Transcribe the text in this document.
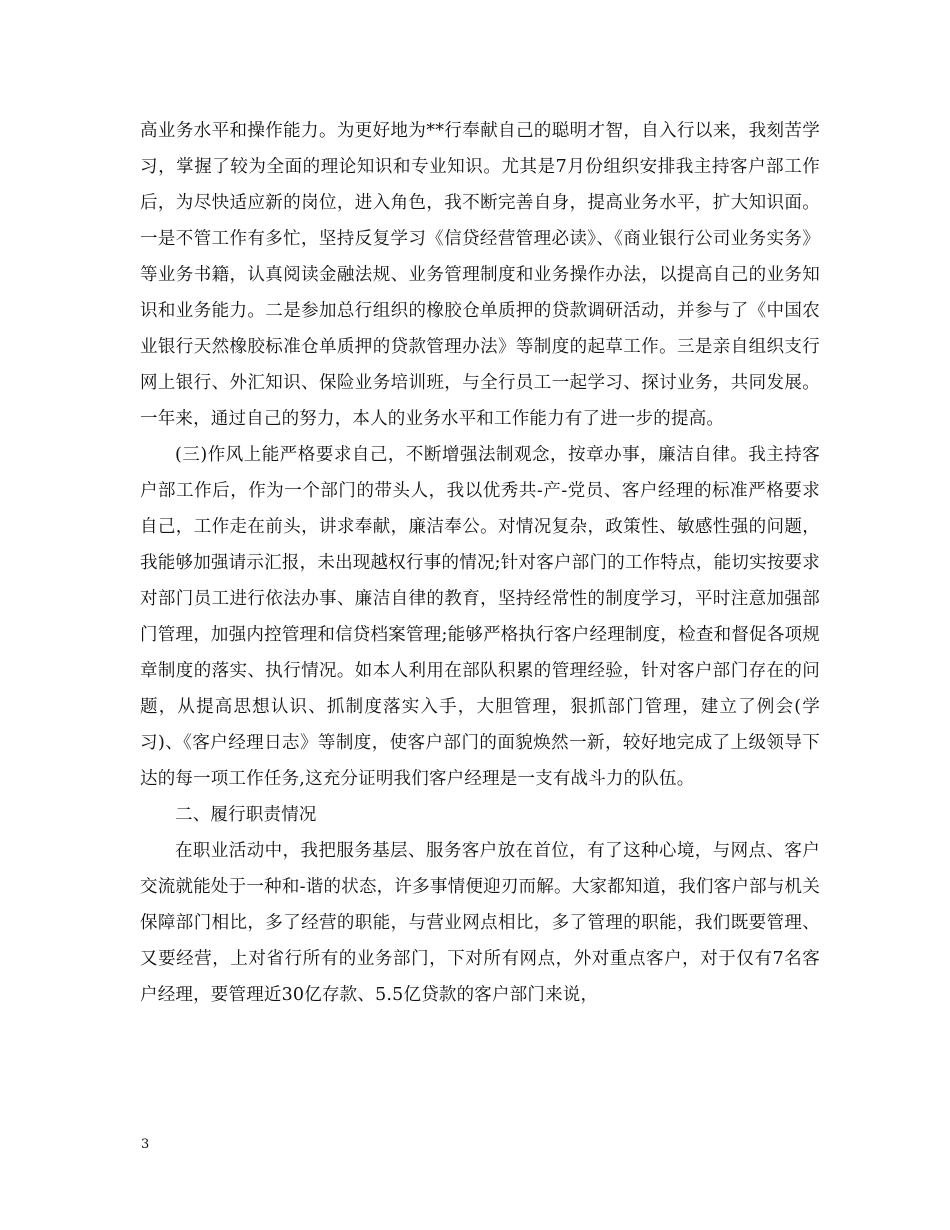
高业务水平和操作能力。为更好地为**行奉献自己的聪明才智，自入行以来，我刻苦学习，掌握了较为全面的理论知识和专业知识。尤其是7月份组织安排我主持客户部工作后，为尽快适应新的岗位，进入角色，我不断完善自身，提高业务水平，扩大知识面。一是不管工作有多忙，坚持反复学习《信贷经营管理必读》、《商业银行公司业务实务》等业务书籍，认真阅读金融法规、业务管理制度和业务操作办法，以提高自己的业务知识和业务能力。二是参加总行组织的橡胶仓单质押的贷款调研活动，并参与了《中国农业银行天然橡胶标准仓单质押的贷款管理办法》等制度的起草工作。三是亲自组织支行网上银行、外汇知识、保险业务培训班，与全行员工一起学习、探讨业务，共同发展。一年来，通过自己的努力，本人的业务水平和工作能力有了进一步的提高。

(三)作风上能严格要求自己，不断增强法制观念，按章办事，廉洁自律。我主持客户部工作后，作为一个部门的带头人，我以优秀共-产-党员、客户经理的标准严格要求自己，工作走在前头，讲求奉献，廉洁奉公。对情况复杂，政策性、敏感性强的问题，我能够加强请示汇报，未出现越权行事的情况;针对客户部门的工作特点，能切实按要求对部门员工进行依法办事、廉洁自律的教育，坚持经常性的制度学习，平时注意加强部门管理，加强内控管理和信贷档案管理;能够严格执行客户经理制度，检查和督促各项规章制度的落实、执行情况。如本人利用在部队积累的管理经验，针对客户部门存在的问题，从提高思想认识、抓制度落实入手，大胆管理，狠抓部门管理，建立了例会(学习)、《客户经理日志》等制度，使客户部门的面貌焕然一新，较好地完成了上级领导下达的每一项工作任务,这充分证明我们客户经理是一支有战斗力的队伍。

二、履行职责情况

在职业活动中，我把服务基层、服务客户放在首位，有了这种心境，与网点、客户交流就能处于一种和-谐的状态，许多事情便迎刃而解。大家都知道，我们客户部与机关保障部门相比，多了经营的职能，与营业网点相比，多了管理的职能，我们既要管理、又要经营，上对省行所有的业务部门，下对所有网点，外对重点客户，对于仅有7名客户经理，要管理近30亿存款、5.5亿贷款的客户部门来说，

3
